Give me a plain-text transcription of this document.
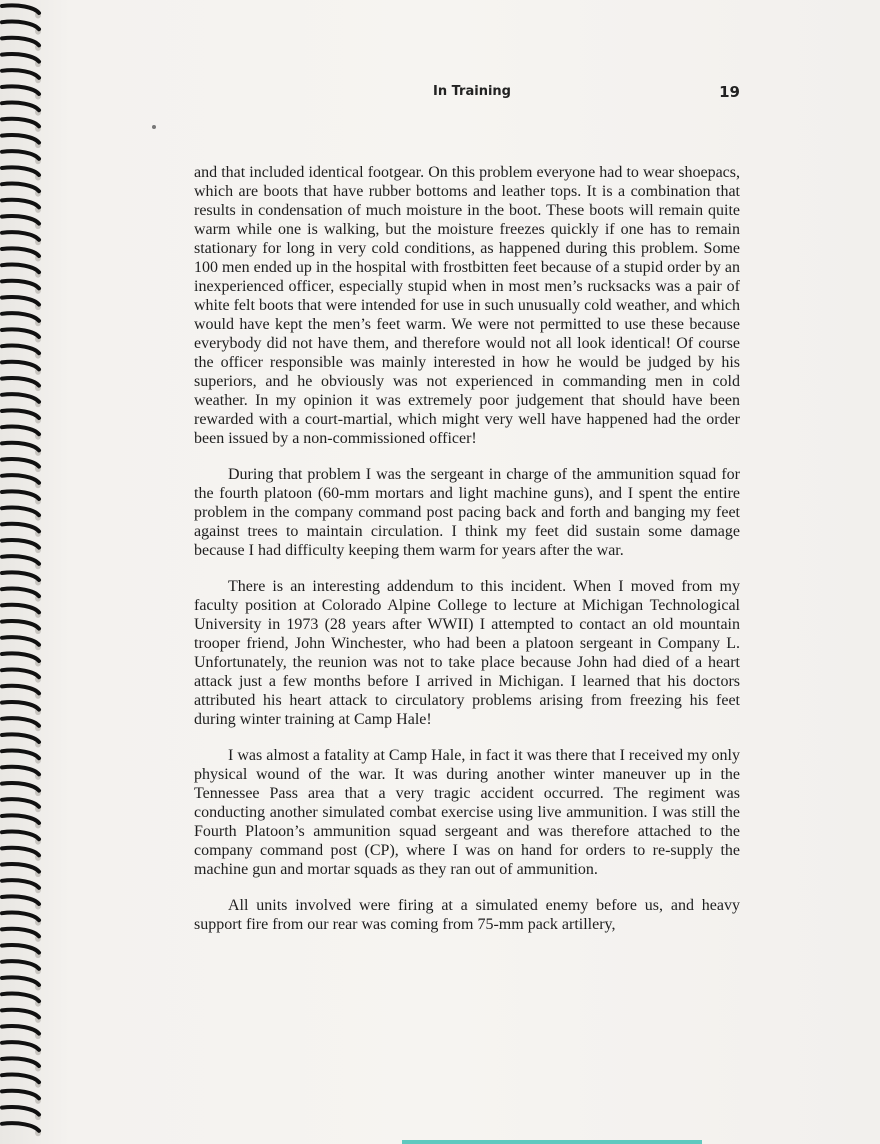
In Training	19

and that included identical footgear. On this problem everyone had to wear shoepacs, which are boots that have rubber bottoms and leather tops. It is a combination that results in condensation of much moisture in the boot. These boots will remain quite warm while one is walking, but the moisture freezes quickly if one has to remain stationary for long in very cold conditions, as happened during this problem. Some 100 men ended up in the hospital with frostbitten feet because of a stupid order by an inexperienced officer, especially stupid when in most men’s rucksacks was a pair of white felt boots that were intended for use in such unusually cold weather, and which would have kept the men’s feet warm. We were not permitted to use these because everybody did not have them, and therefore would not all look identical! Of course the officer responsible was mainly interested in how he would be judged by his superiors, and he obviously was not experienced in commanding men in cold weather. In my opinion it was extremely poor judgement that should have been rewarded with a court-martial, which might very well have happened had the order been issued by a non-commissioned officer!

During that problem I was the sergeant in charge of the ammunition squad for the fourth platoon (60-mm mortars and light machine guns), and I spent the entire problem in the company command post pacing back and forth and banging my feet against trees to maintain circulation. I think my feet did sustain some damage because I had difficulty keeping them warm for years after the war.

There is an interesting addendum to this incident. When I moved from my faculty position at Colorado Alpine College to lecture at Michigan Technological University in 1973 (28 years after WWII) I attempted to contact an old mountain trooper friend, John Winchester, who had been a platoon sergeant in Company L. Unfortunately, the reunion was not to take place because John had died of a heart attack just a few months before I arrived in Michigan. I learned that his doctors attributed his heart attack to circulatory problems arising from freezing his feet during winter training at Camp Hale!

I was almost a fatality at Camp Hale, in fact it was there that I received my only physical wound of the war. It was during another winter maneuver up in the Tennessee Pass area that a very tragic accident occurred. The regiment was conducting another simulated combat exercise using live ammunition. I was still the Fourth Platoon’s ammunition squad sergeant and was therefore attached to the company command post (CP), where I was on hand for orders to re-supply the machine gun and mortar squads as they ran out of ammunition.

All units involved were firing at a simulated enemy before us, and heavy support fire from our rear was coming from 75-mm pack artillery,
